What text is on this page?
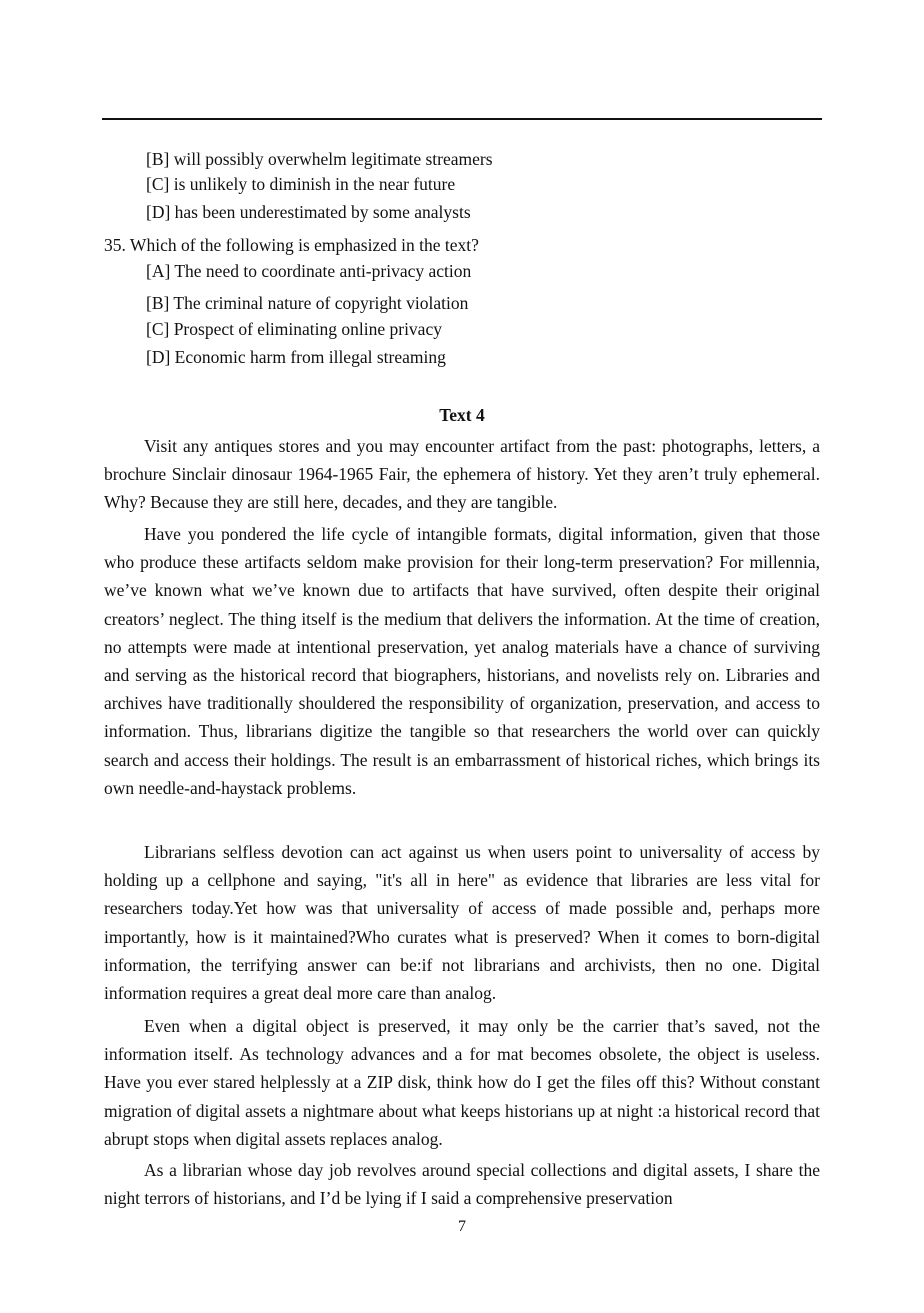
[B] will possibly overwhelm legitimate streamers
[C] is unlikely to diminish in the near future
[D] has been underestimated by some analysts
35. Which of the following is emphasized in the text?
[A] The need to coordinate anti-privacy action
[B] The criminal nature of copyright violation
[C] Prospect of eliminating online privacy
[D] Economic harm from illegal streaming
Text 4
Visit any antiques stores and you may encounter artifact from the past: photographs, letters, a brochure Sinclair dinosaur 1964-1965 Fair, the ephemera of history. Yet they aren’t truly ephemeral. Why? Because they are still here, decades, and they are tangible.
Have you pondered the life cycle of intangible formats, digital information, given that those who produce these artifacts seldom make provision for their long-term preservation? For millennia, we’ve known what we’ve known due to artifacts that have survived, often despite their original creators’ neglect. The thing itself is the medium that delivers the information. At the time of creation, no attempts were made at intentional preservation, yet analog materials have a chance of surviving and serving as the historical record that biographers, historians, and novelists rely on. Libraries and archives have traditionally shouldered the responsibility of organization, preservation, and access to information. Thus, librarians digitize the tangible so that researchers the world over can quickly search and access their holdings. The result is an embarrassment of historical riches, which brings its own needle-and-haystack problems.
Librarians selfless devotion can act against us when users point to universality of access by holding up a cellphone and saying, "it's all in here" as evidence that libraries are less vital for researchers today.Yet how was that universality of access of made possible and, perhaps more importantly, how is it maintained?Who curates what is preserved? When it comes to born-digital information, the terrifying answer can be:if not librarians and archivists, then no one. Digital information requires a great deal more care than analog.
Even when a digital object is preserved, it may only be the carrier that’s saved, not the information itself. As technology advances and a for mat becomes obsolete, the object is useless. Have you ever stared helplessly at a ZIP disk, think how do I get the files off this? Without constant migration of digital assets a nightmare about what keeps historians up at night :a historical record that abrupt stops when digital assets replaces analog.
As a librarian whose day job revolves around special collections and digital assets, I share the night terrors of historians, and I’d be lying if I said a comprehensive preservation
7
